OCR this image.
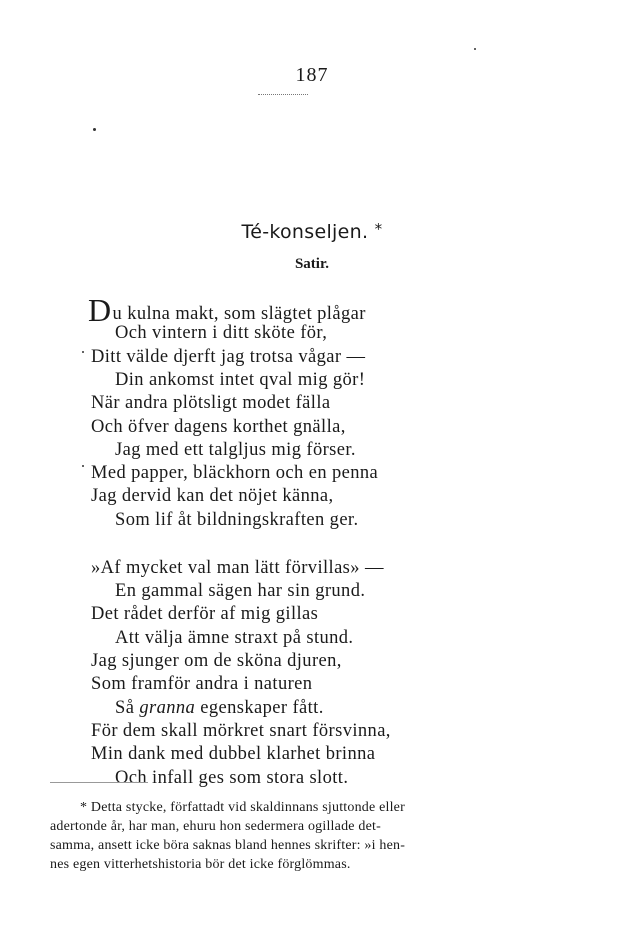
187
Té-konseljen. *
Satir.
Du kulna makt, som slägtet plågar
Och vintern i ditt sköte för,
Ditt välde djerft jag trotsa vågar —
Din ankomst intet qval mig gör!
När andra plötsligt modet fälla
Och öfver dagens korthet gnälla,
Jag med ett talgljus mig förser.
Med papper, bläckhorn och en penna
Jag dervid kan det nöjet känna,
Som lif åt bildningskraften ger.
»Af mycket val man lätt förvillas» —
En gammal sägen har sin grund.
Det rådet derför af mig gillas
Att välja ämne straxt på stund.
Jag sjunger om de sköna djuren,
Som framför andra i naturen
Så granna egenskaper fått.
För dem skall mörkret snart försvinna,
Min dank med dubbel klarhet brinna
Och infall ges som stora slott.
* Detta stycke, författadt vid skaldinnans sjuttonde eller
adertonde år, har man, ehuru hon sedermera ogillade det-
samma, ansett icke böra saknas bland hennes skrifter: »i hen-
nes egen vitterhetshistoria bör det icke förglömmas.
